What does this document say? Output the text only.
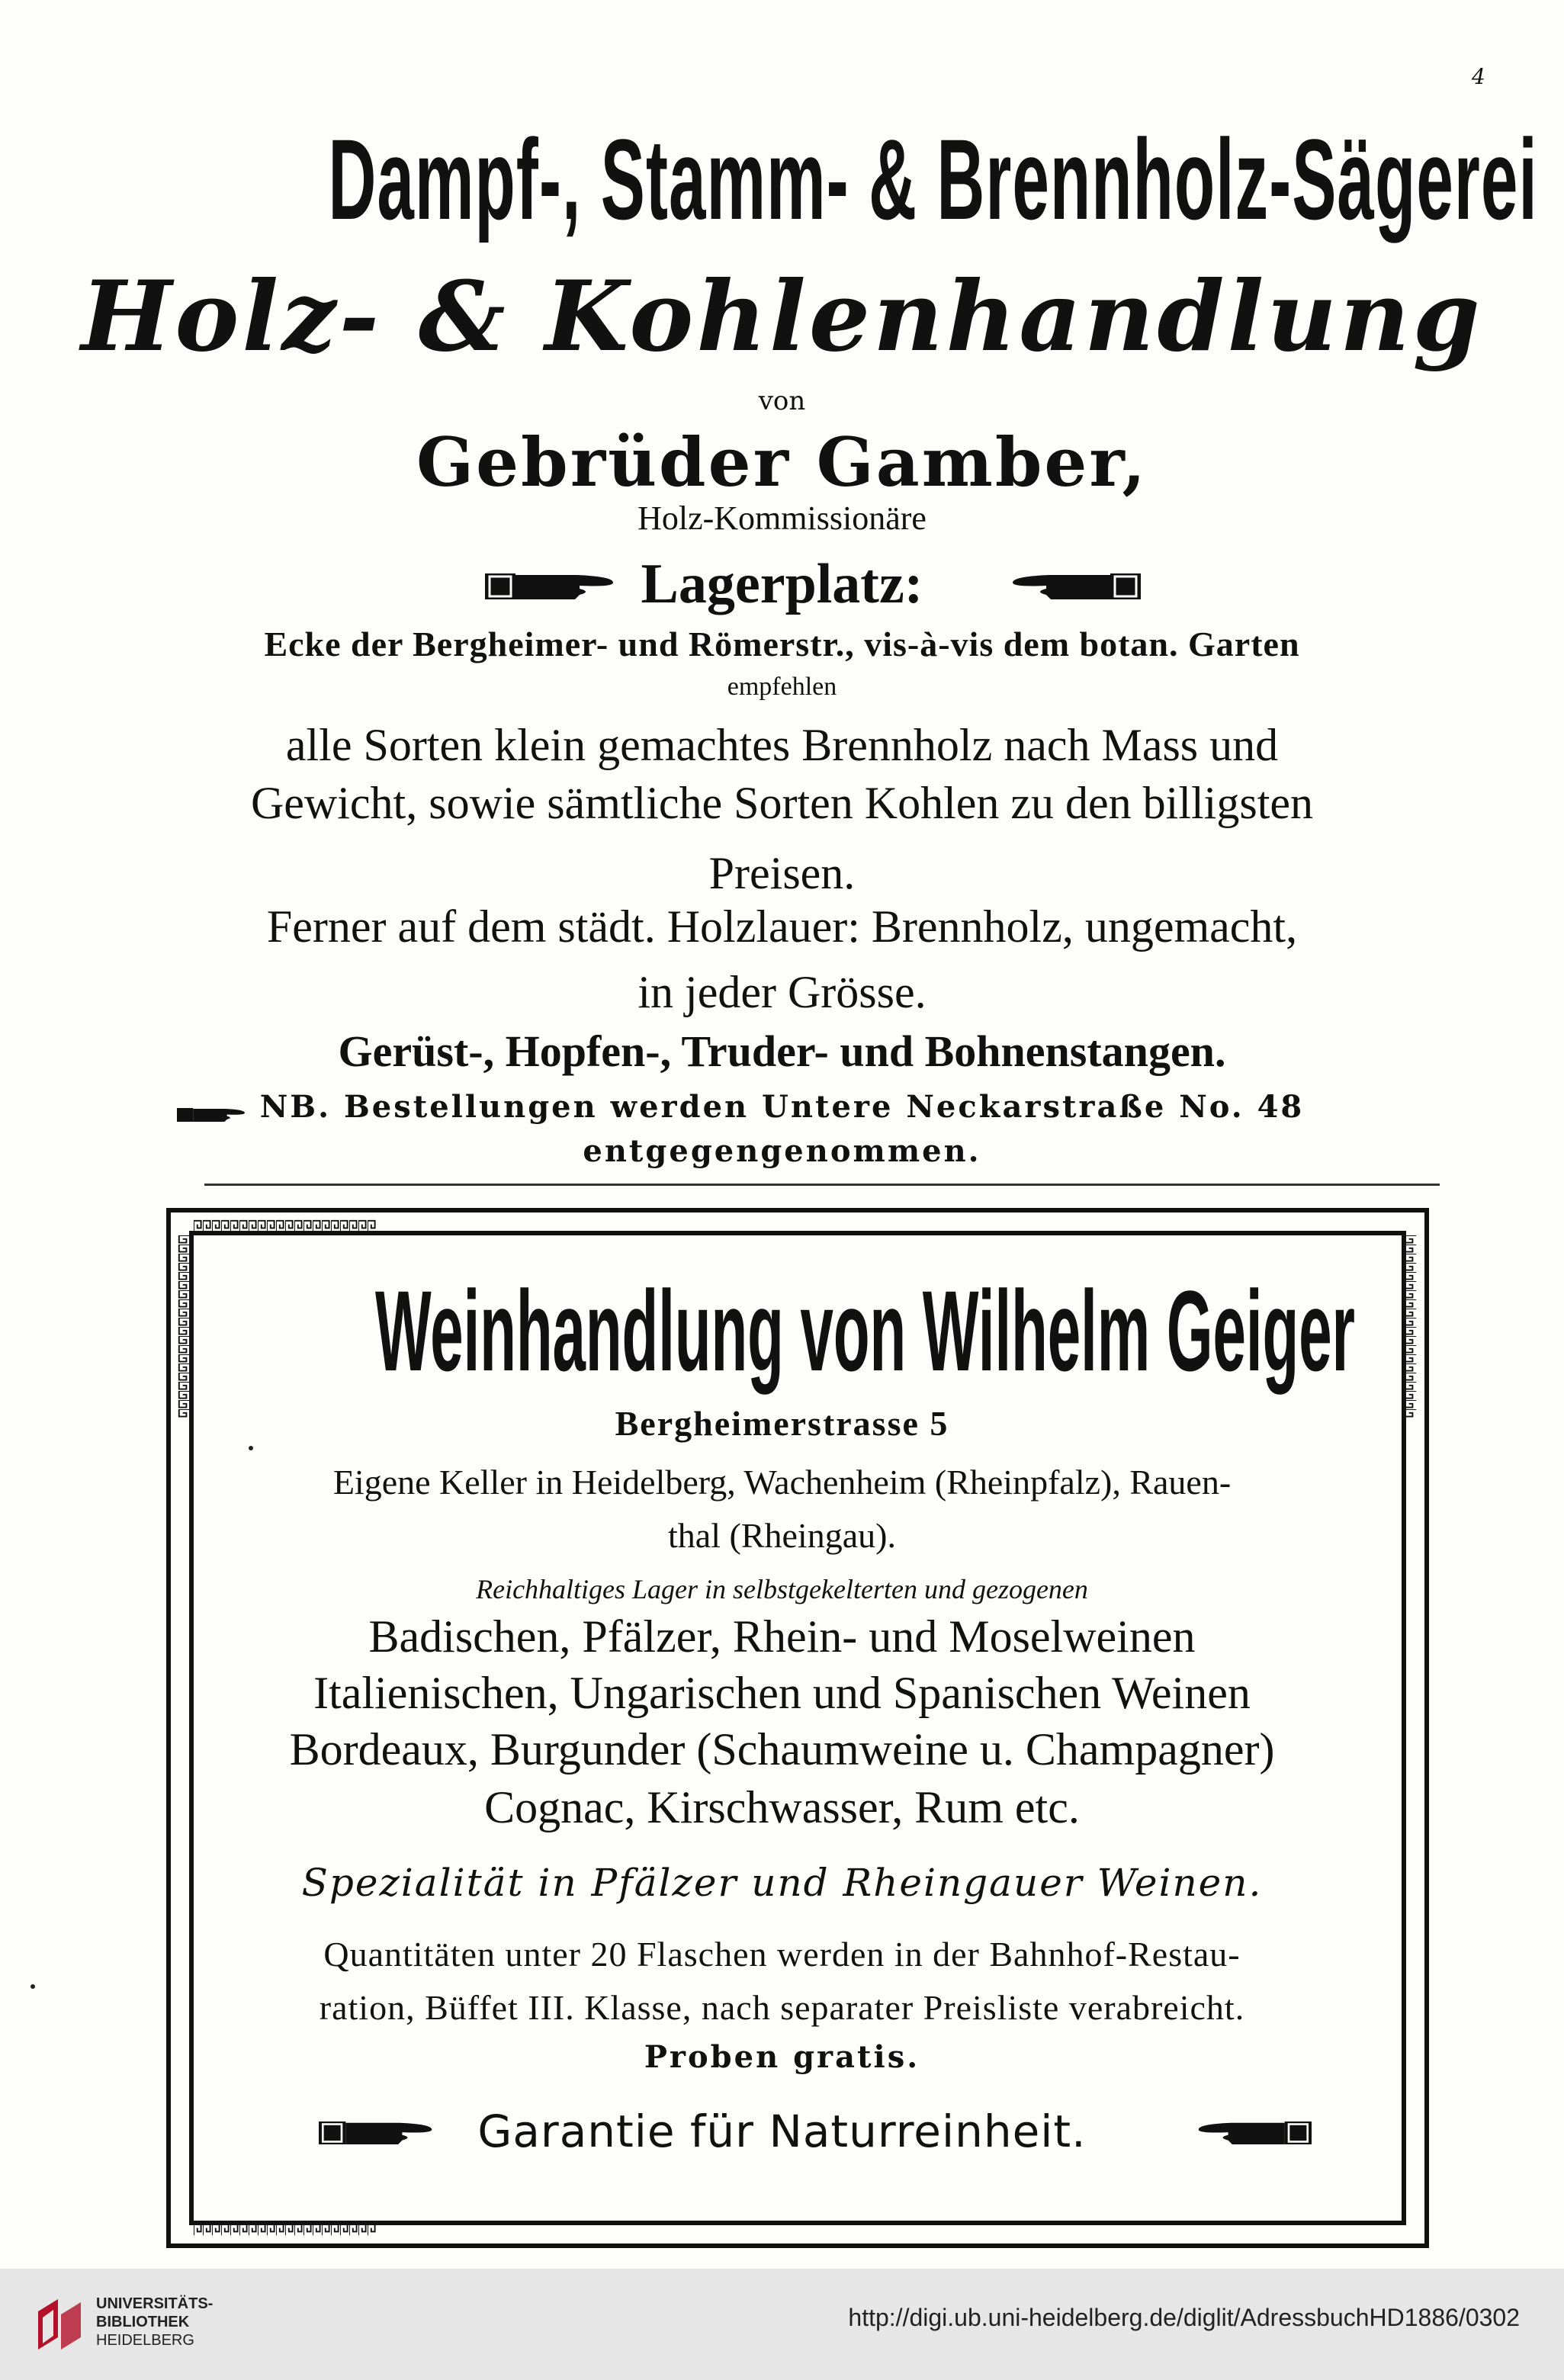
4
Dampf-, Stamm- & Brennholz-Sägerei
Holz- & Kohlenhandlung
von
Gebrüder Gamber,
Holz-Kommissionäre
Lagerplatz:
Ecke der Bergheimer- und Römerstr., vis-à-vis dem botan. Garten
empfehlen
alle Sorten klein gemachtes Brennholz nach Mass und
Gewicht, sowie sämtliche Sorten Kohlen zu den billigsten
Preisen.
Ferner auf dem städt. Holzlauer: Brennholz, ungemacht,
in jeder Grösse.
Gerüst-, Hopfen-, Truder- und Bohnenstangen.
NB. Bestellungen werden Untere Neckarstraße No. 48
entgegengenommen.
Weinhandlung von Wilhelm Geiger
Bergheimerstrasse 5
Eigene Keller in Heidelberg, Wachenheim (Rheinpfalz), Rauen-
thal (Rheingau).
Reichhaltiges Lager in selbstgekelterten und gezogenen
Badischen, Pfälzer, Rhein- und Moselweinen
Italienischen, Ungarischen und Spanischen Weinen
Bordeaux, Burgunder (Schaumweine u. Champagner)
Cognac, Kirschwasser, Rum etc.
Spezialität in Pfälzer und Rheingauer Weinen.
Quantitäten unter 20 Flaschen werden in der Bahnhof-Restau-
ration, Büffet III. Klasse, nach separater Preisliste verabreicht.
Proben gratis.
Garantie für Naturreinheit.
UNIVERSITÄTS-
BIBLIOTHEK
HEIDELBERG
http://digi.ub.uni-heidelberg.de/diglit/AdressbuchHD1886/0302
